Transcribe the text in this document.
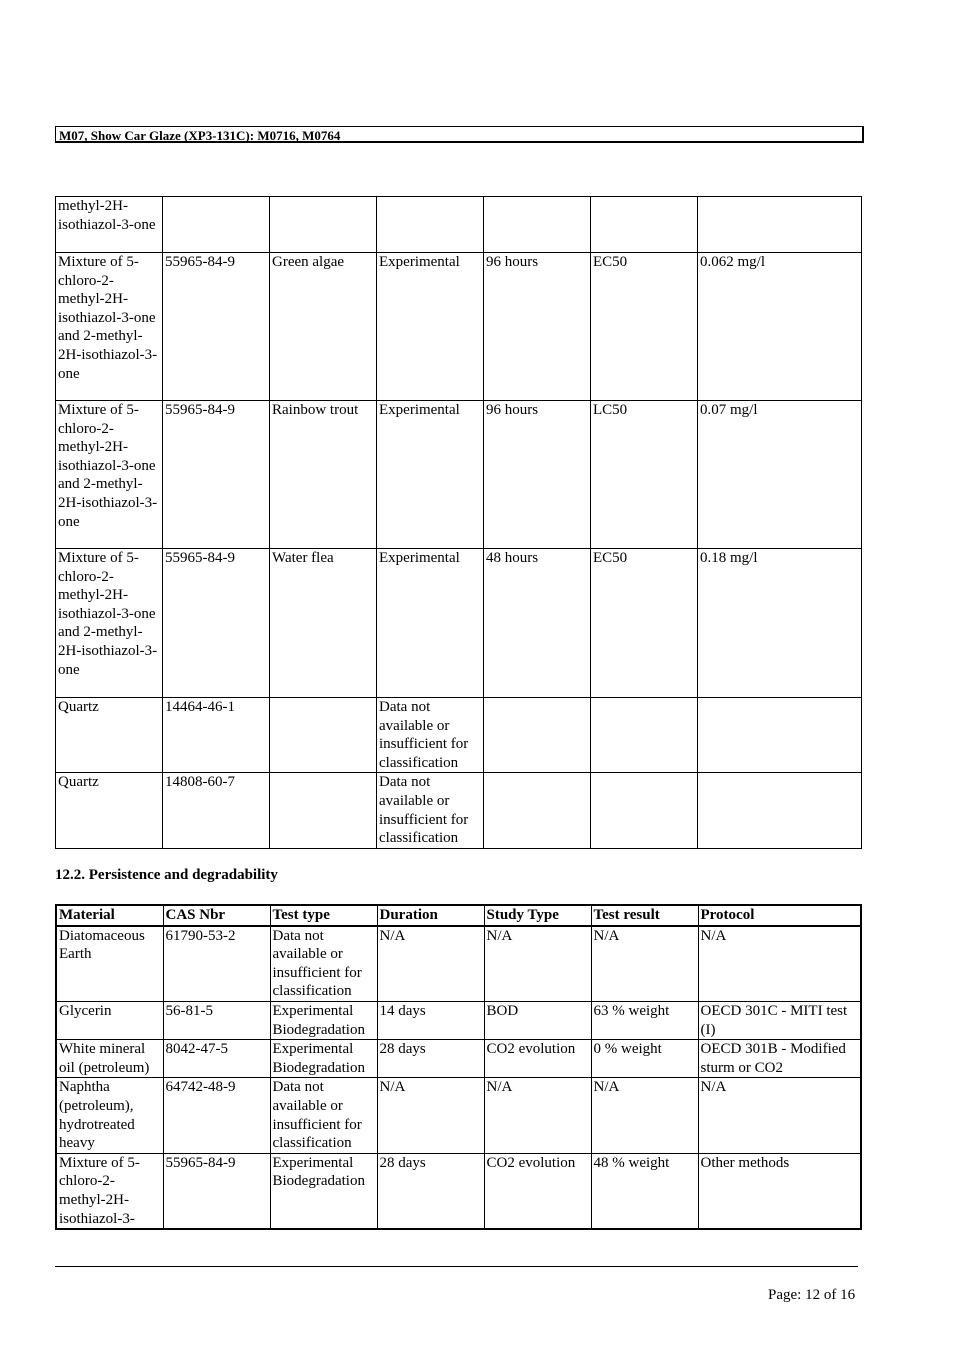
M07, Show Car Glaze (XP3-131C): M0716, M0764
methyl-2H-isothiazol-3-one						
Mixture of 5-chloro-2-methyl-2H-isothiazol-3-one and 2-methyl-2H-isothiazol-3-one	55965-84-9	Green algae	Experimental	96 hours	EC50	0.062 mg/l
Mixture of 5-chloro-2-methyl-2H-isothiazol-3-one and 2-methyl-2H-isothiazol-3-one	55965-84-9	Rainbow trout	Experimental	96 hours	LC50	0.07 mg/l
Mixture of 5-chloro-2-methyl-2H-isothiazol-3-one and 2-methyl-2H-isothiazol-3-one	55965-84-9	Water flea	Experimental	48 hours	EC50	0.18 mg/l
Quartz	14464-46-1		Data not available or insufficient for classification			
Quartz	14808-60-7		Data not available or insufficient for classification			
12.2. Persistence and degradability
Material	CAS Nbr	Test type	Duration	Study Type	Test result	Protocol
Diatomaceous Earth	61790-53-2	Data not available or insufficient for classification	N/A	N/A	N/A	N/A
Glycerin	56-81-5	Experimental Biodegradation	14 days	BOD	63 % weight	OECD 301C - MITI test (I)
White mineral oil (petroleum)	8042-47-5	Experimental Biodegradation	28 days	CO2 evolution	0 % weight	OECD 301B - Modified sturm or CO2
Naphtha (petroleum), hydrotreated heavy	64742-48-9	Data not available or insufficient for classification	N/A	N/A	N/A	N/A
Mixture of 5-chloro-2-methyl-2H-isothiazol-3-	55965-84-9	Experimental Biodegradation	28 days	CO2 evolution	48 % weight	Other methods
Page: 12 of 16
